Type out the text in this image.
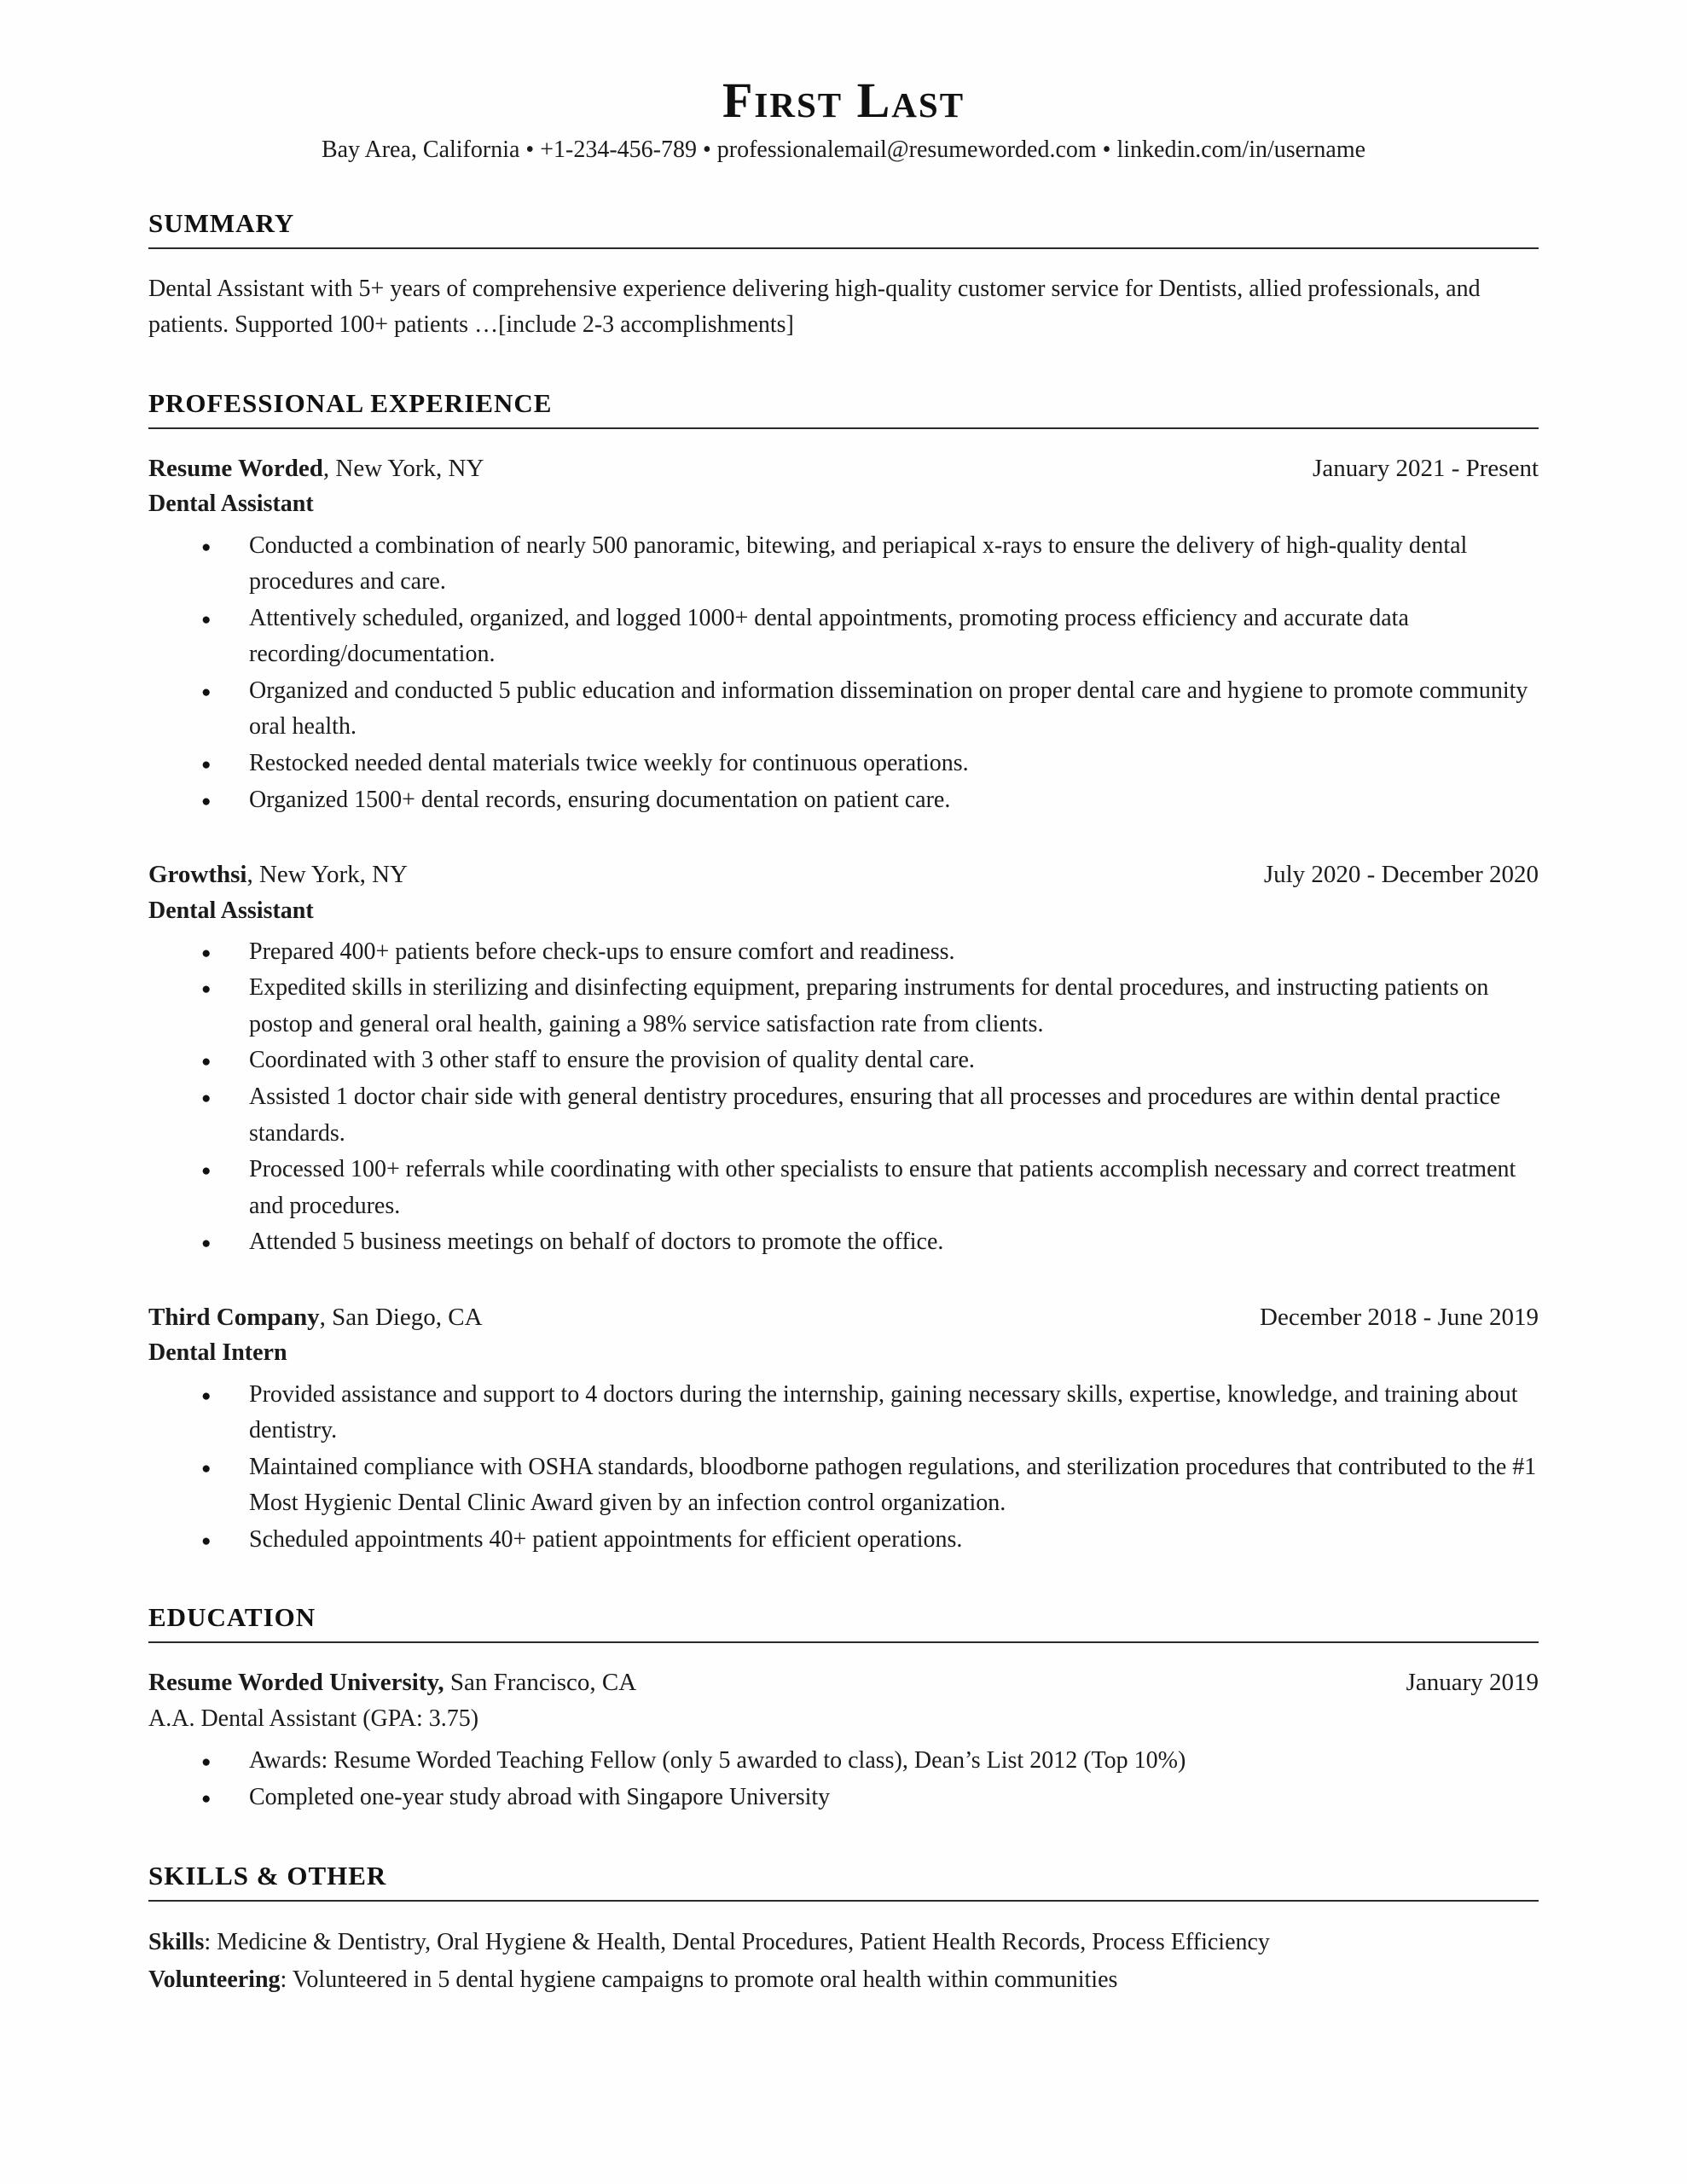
First Last
Bay Area, California • +1-234-456-789 • professionalemail@resumeworded.com • linkedin.com/in/username
SUMMARY

Dental Assistant with 5+ years of comprehensive experience delivering high-quality customer service for Dentists, allied professionals, and patients. Supported 100+ patients …[include 2-3 accomplishments]

PROFESSIONAL EXPERIENCE
Resume Worded, New York, NY	January 2021 - Present
Dental Assistant
● Conducted a combination of nearly 500 panoramic, bitewing, and periapical x-rays to ensure the delivery of high-quality dental procedures and care.
● Attentively scheduled, organized, and logged 1000+ dental appointments, promoting process efficiency and accurate data recording/documentation.
● Organized and conducted 5 public education and information dissemination on proper dental care and hygiene to promote community oral health.
● Restocked needed dental materials twice weekly for continuous operations.
● Organized 1500+ dental records, ensuring documentation on patient care.
Growthsi, New York, NY	July 2020 - December 2020
Dental Assistant
● Prepared 400+ patients before check-ups to ensure comfort and readiness.
● Expedited skills in sterilizing and disinfecting equipment, preparing instruments for dental procedures, and instructing patients on postop and general oral health, gaining a 98% service satisfaction rate from clients.
● Coordinated with 3 other staff to ensure the provision of quality dental care.
● Assisted 1 doctor chair side with general dentistry procedures, ensuring that all processes and procedures are within dental practice standards.
● Processed 100+ referrals while coordinating with other specialists to ensure that patients accomplish necessary and correct treatment and procedures.
● Attended 5 business meetings on behalf of doctors to promote the office.
Third Company, San Diego, CA	December 2018 - June 2019
Dental Intern
● Provided assistance and support to 4 doctors during the internship, gaining necessary skills, expertise, knowledge, and training about dentistry.
● Maintained compliance with OSHA standards, bloodborne pathogen regulations, and sterilization procedures that contributed to the #1 Most Hygienic Dental Clinic Award given by an infection control organization.
● Scheduled appointments 40+ patient appointments for efficient operations.
EDUCATION
Resume Worded University, San Francisco, CA	January 2019
A.A. Dental Assistant (GPA: 3.75)
● Awards: Resume Worded Teaching Fellow (only 5 awarded to class), Dean’s List 2012 (Top 10%)
● Completed one-year study abroad with Singapore University
SKILLS & OTHER

Skills: Medicine & Dentistry, Oral Hygiene & Health, Dental Procedures, Patient Health Records, Process Efficiency

Volunteering: Volunteered in 5 dental hygiene campaigns to promote oral health within communities
